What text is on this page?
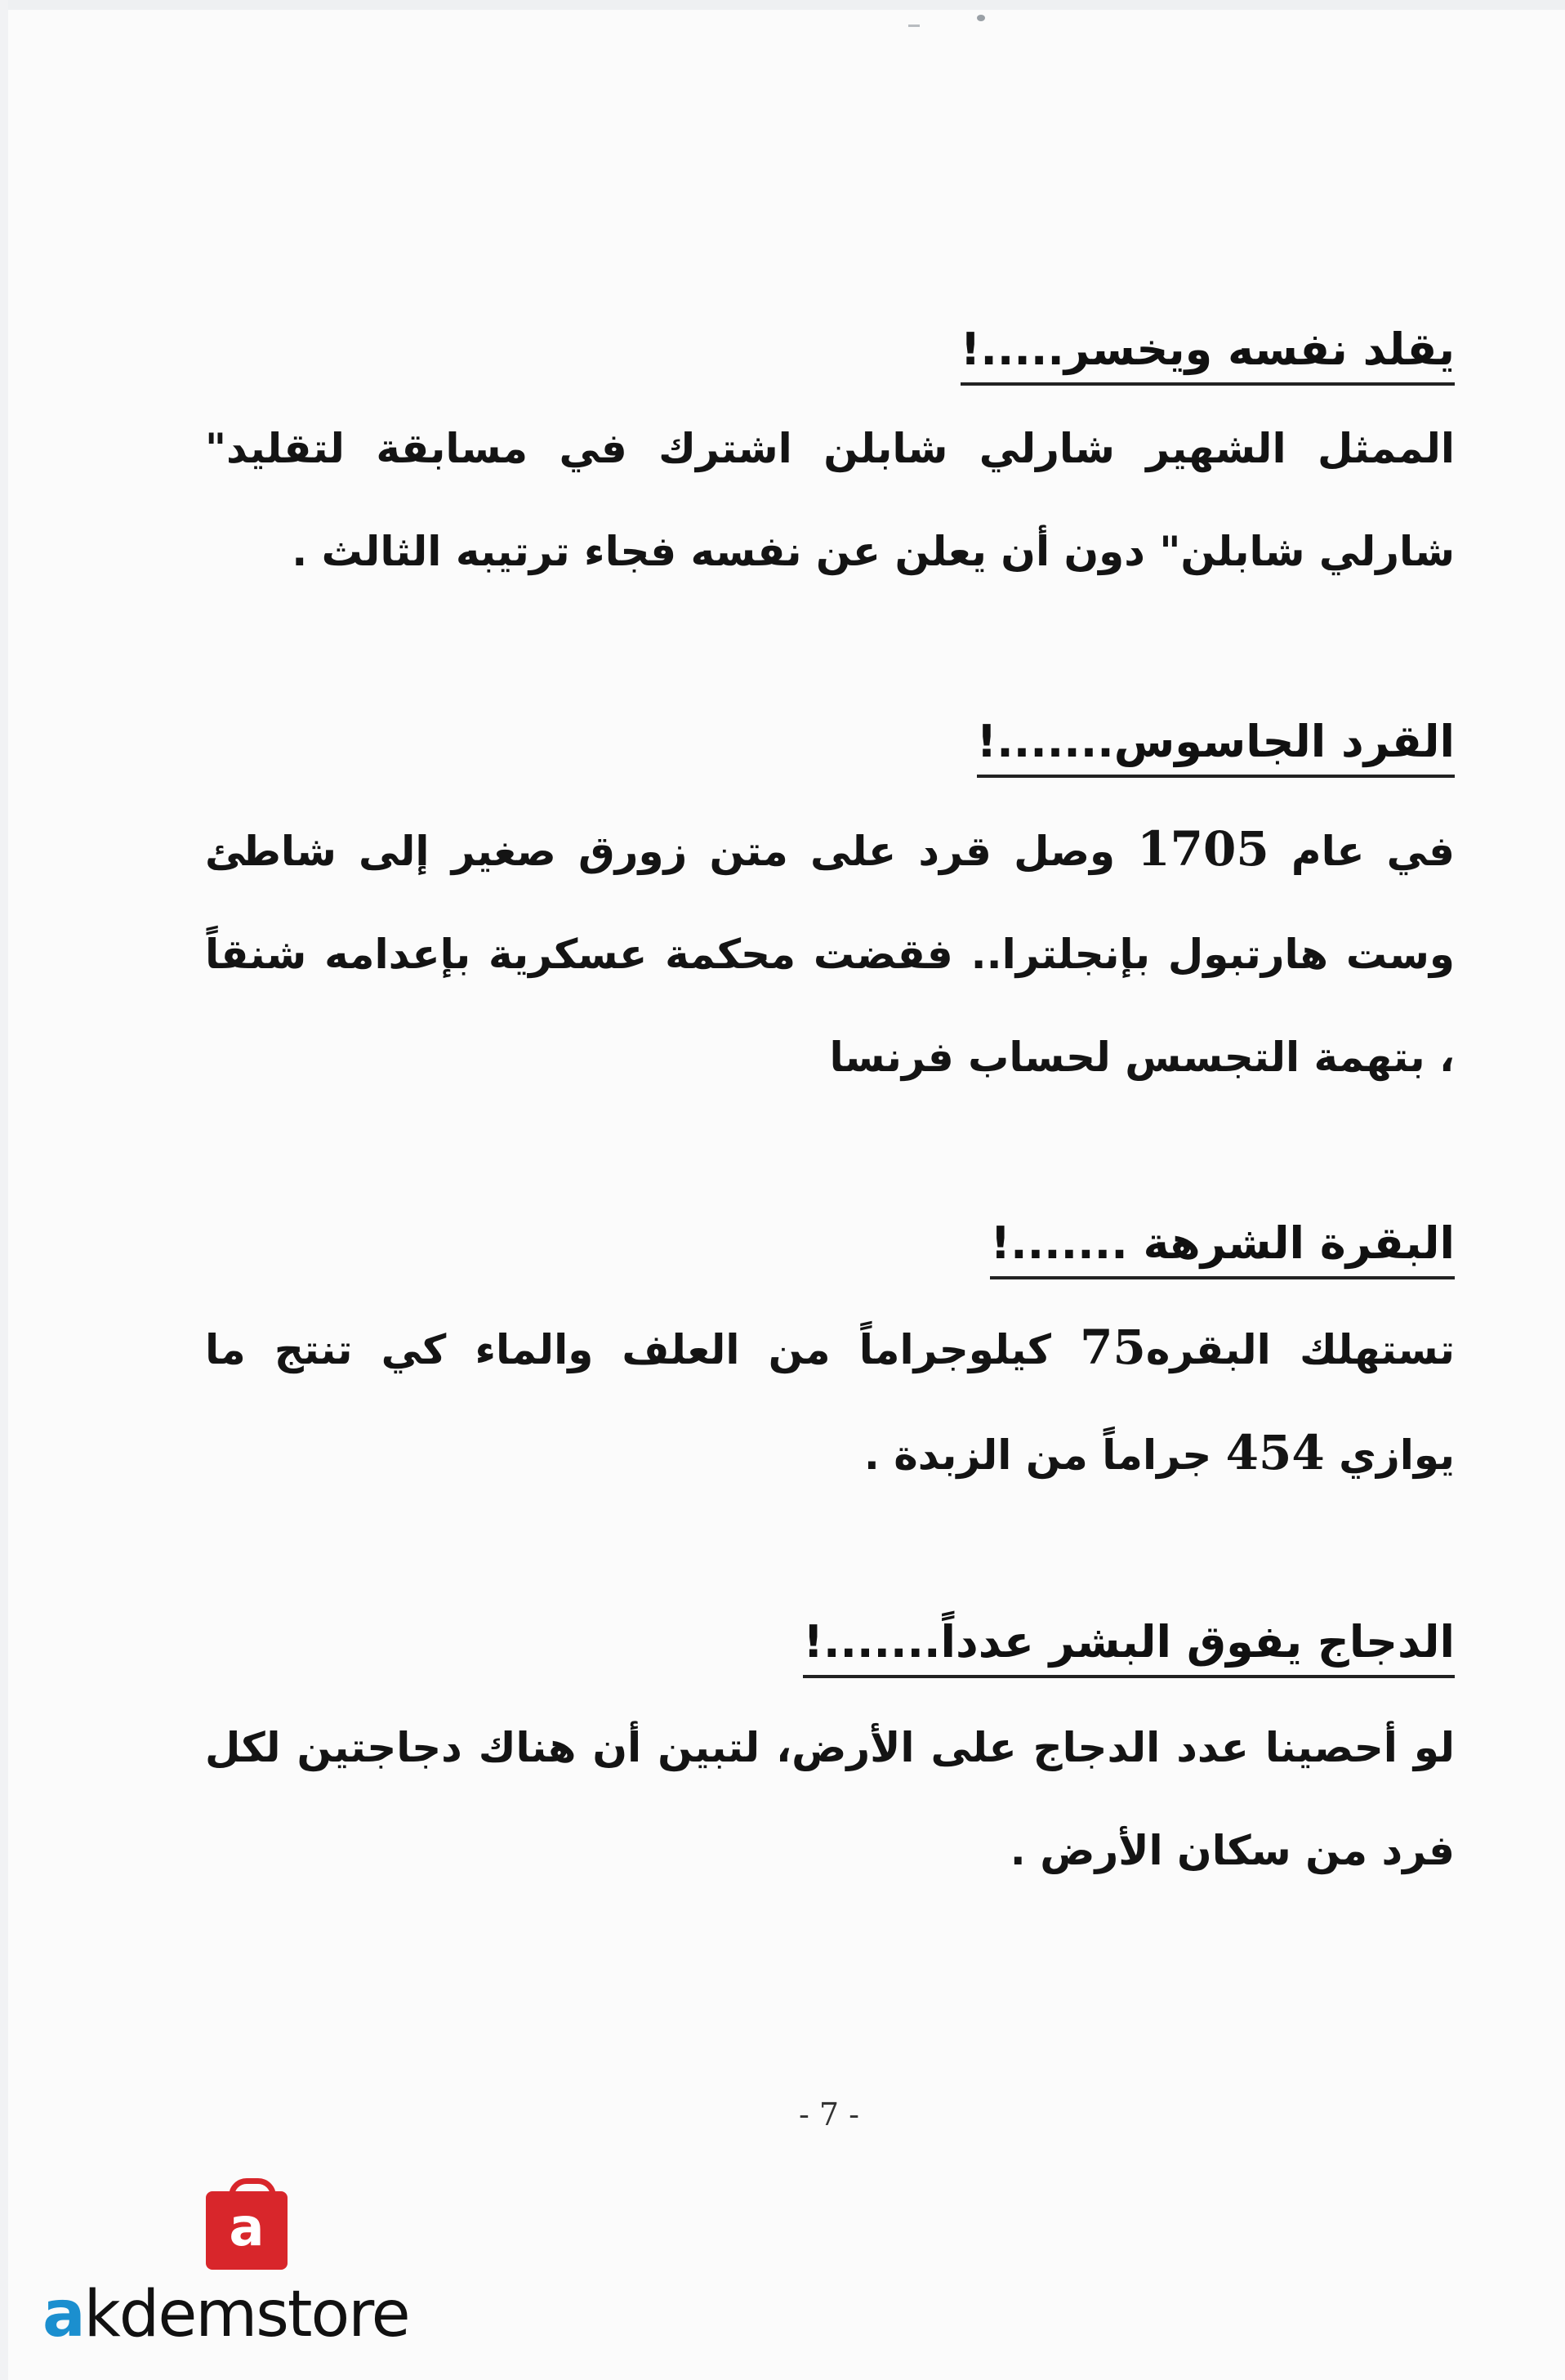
يقلد نفسه ويخسر.....!
الممثل الشهير شارلي شابلن اشترك في مسابقة لتقليد" شارلي شابلن" دون أن يعلن عن نفسه فجاء ترتيبه الثالث .
القرد الجاسوس.......!
في عام 1705 وصل قرد على متن زورق صغير إلى شاطئ وست هارتبول بإنجلترا.. فقضت محكمة عسكرية بإعدامه شنقاً ، بتهمة التجسس لحساب فرنسا
البقرة الشرهة .......!
تستهلك البقره75 كيلوجراماً من العلف والماء كي تنتج ما يوازي 454 جراماً من الزبدة .
الدجاج يفوق البشر عدداً.......!
لو أحصينا عدد الدجاج على الأرض، لتبين أن هناك دجاجتين لكل فرد من سكان الأرض .
- 7 -
a
akdemstore
